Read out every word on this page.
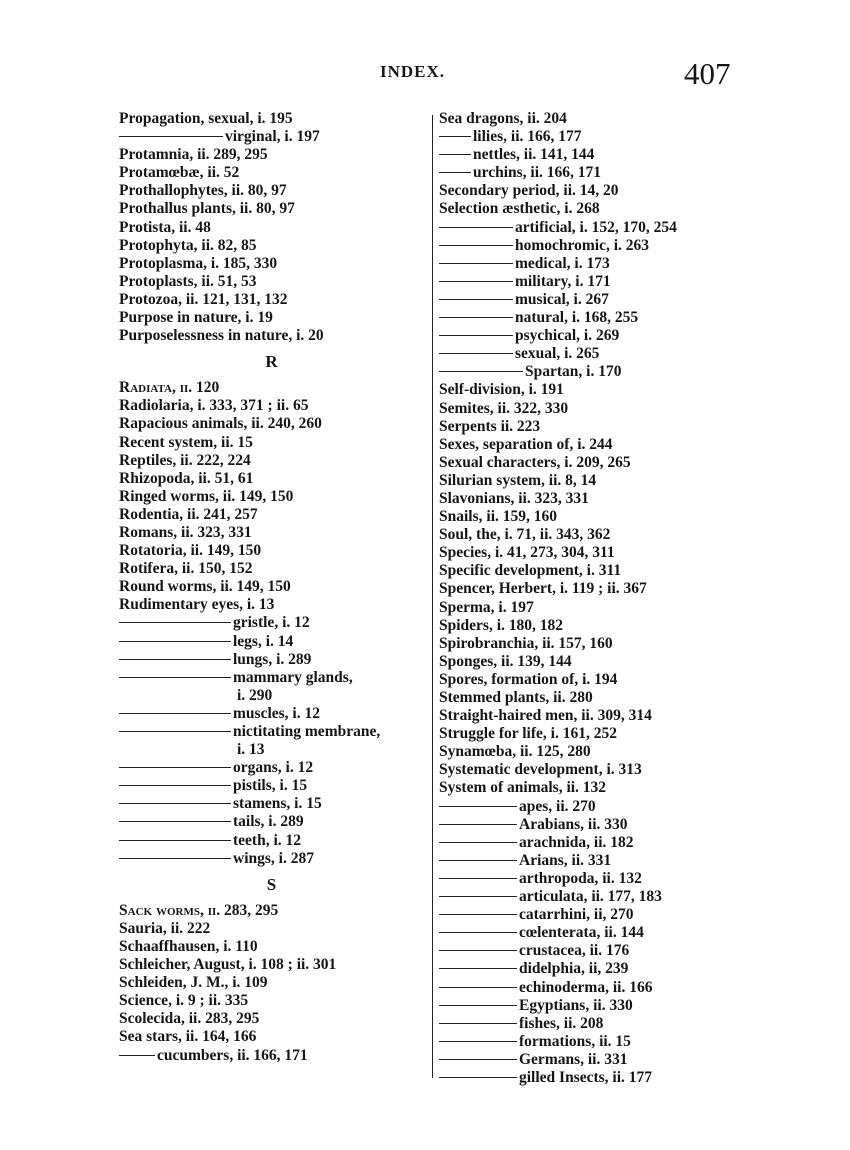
INDEX.	407
Propagation, sexual, i. 195
virginal, i. 197
Protamnia, ii. 289, 295
Protamœbæ, ii. 52
Prothallophytes, ii. 80, 97
Prothallus plants, ii. 80, 97
Protista, ii. 48
Protophyta, ii. 82, 85
Protoplasma, i. 185, 330
Protoplasts, ii. 51, 53
Protozoa, ii. 121, 131, 132
Purpose in nature, i. 19
Purposelessness in nature, i. 20
R
Radiata, ii. 120
Radiolaria, i. 333, 371 ; ii. 65
Rapacious animals, ii. 240, 260
Recent system, ii. 15
Reptiles, ii. 222, 224
Rhizopoda, ii. 51, 61
Ringed worms, ii. 149, 150
Rodentia, ii. 241, 257
Romans, ii. 323, 331
Rotatoria, ii. 149, 150
Rotifera, ii. 150, 152
Round worms, ii. 149, 150
Rudimentary eyes, i. 13
gristle, i. 12
legs, i. 14
lungs, i. 289
mammary glands,
i. 290
muscles, i. 12
nictitating membrane,
i. 13
organs, i. 12
pistils, i. 15
stamens, i. 15
tails, i. 289
teeth, i. 12
wings, i. 287
S
Sack worms, ii. 283, 295
Sauria, ii. 222
Schaaffhausen, i. 110
Schleicher, August, i. 108 ; ii. 301
Schleiden, J. M., i. 109
Science, i. 9 ; ii. 335
Scolecida, ii. 283, 295
Sea stars, ii. 164, 166
cucumbers, ii. 166, 171
Sea dragons, ii. 204
lilies, ii. 166, 177
nettles, ii. 141, 144
urchins, ii. 166, 171
Secondary period, ii. 14, 20
Selection æsthetic, i. 268
artificial, i. 152, 170, 254
homochromic, i. 263
medical, i. 173
military, i. 171
musical, i. 267
natural, i. 168, 255
psychical, i. 269
sexual, i. 265
Spartan, i. 170
Self-division, i. 191
Semites, ii. 322, 330
Serpents ii. 223
Sexes, separation of, i. 244
Sexual characters, i. 209, 265
Silurian system, ii. 8, 14
Slavonians, ii. 323, 331
Snails, ii. 159, 160
Soul, the, i. 71, ii. 343, 362
Species, i. 41, 273, 304, 311
Specific development, i. 311
Spencer, Herbert, i. 119 ; ii. 367
Sperma, i. 197
Spiders, i. 180, 182
Spirobranchia, ii. 157, 160
Sponges, ii. 139, 144
Spores, formation of, i. 194
Stemmed plants, ii. 280
Straight-haired men, ii. 309, 314
Struggle for life, i. 161, 252
Synamœba, ii. 125, 280
Systematic development, i. 313
System of animals, ii. 132
apes, ii. 270
Arabians, ii. 330
arachnida, ii. 182
Arians, ii. 331
arthropoda, ii. 132
articulata, ii. 177, 183
catarrhini, ii, 270
cœlenterata, ii. 144
crustacea, ii. 176
didelphia, ii, 239
echinoderma, ii. 166
Egyptians, ii. 330
fishes, ii. 208
formations, ii. 15
Germans, ii. 331
gilled Insects, ii. 177
